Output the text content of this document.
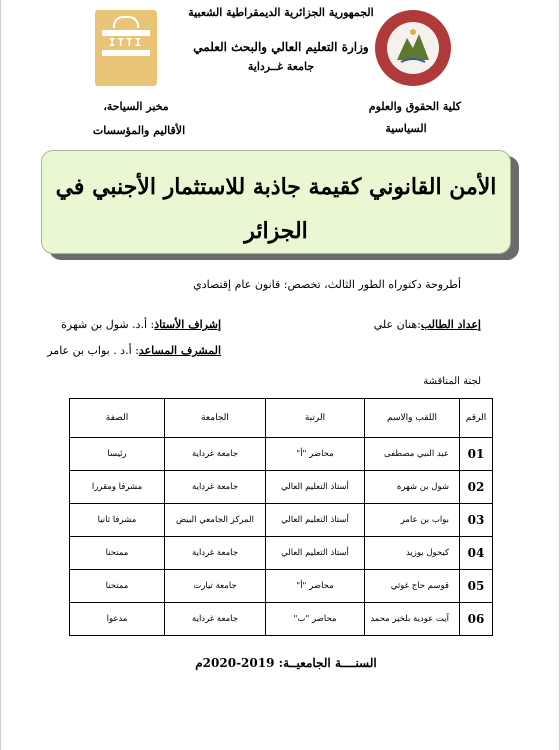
الجمهورية الجزائرية الديمقراطية الشعبية
وزارة التعليم العالي والبحث العلمي
جامعة غــرداية
ITTI
كلية الحقوق والعلوم
السياسية
مخبر السياحة،
الأقاليم والمؤسسات
الأمن القانوني كقيمة جاذبة للاستثمار الأجنبي في الجزائر
أطروحة دكتوراه الطور الثالث، تخصص: قانون عام إقتصادي
إعداد الطالب:هنان علي
إشراف الأستاذ: أ.د. شول بن شهرة
المشرف المساعد: أ.د . بواب بن عامر
لجنة المناقشة
الرقم	اللقب والاسم	الرتبة	الجامعة	الصفة
01	عبد النبي مصطفى	محاضر "أ"	جامعة غرداية	رئيسا
02	شول بن شهرة	أستاذ التعليم العالي	جامعة غرداية	مشرفا ومقررا
03	بواب بن عامر	أستاذ التعليم العالي	المركز الجامعي البيض	مشرفا ثانيا
04	كيحول بوزيد	أستاذ التعليم العالي	جامعة غرداية	ممتحنا
05	قوسم حاج غوثي	محاضر "أ"	جامعة تيارت	ممتحنا
06	آيت عودية بلخير محمد	محاضر "ب"	جامعة غرداية	مدعوا
السنــــة الجامعيــة: 2019-2020م
